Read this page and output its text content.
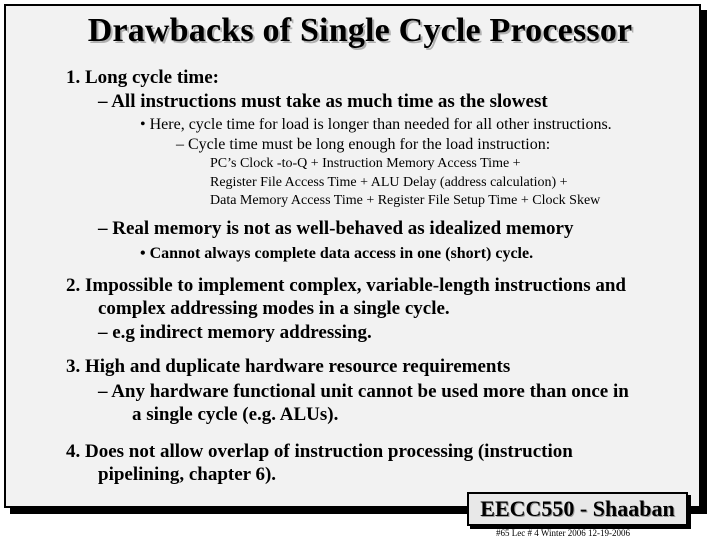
Drawbacks of Single Cycle Processor
1. Long cycle time:
– All instructions must take as much time as the slowest
• Here, cycle time for load is longer than needed for all other instructions.
– Cycle time must be long enough for the load instruction:
PC’s Clock -to-Q + Instruction Memory Access Time +
Register File Access Time + ALU Delay (address calculation) +
Data Memory Access Time + Register File Setup Time + Clock Skew
– Real memory is not as well-behaved as idealized memory
• Cannot always complete data access in one (short) cycle.
2. Impossible to implement complex, variable-length instructions and
complex addressing modes in a single cycle.
– e.g indirect memory addressing.
3. High and duplicate hardware resource requirements
– Any hardware functional unit cannot be used more than once in
a single cycle (e.g. ALUs).
4. Does not allow overlap of instruction processing (instruction
pipelining, chapter 6).
EECC550 - Shaaban
#65 Lec # 4 Winter 2006 12-19-2006
